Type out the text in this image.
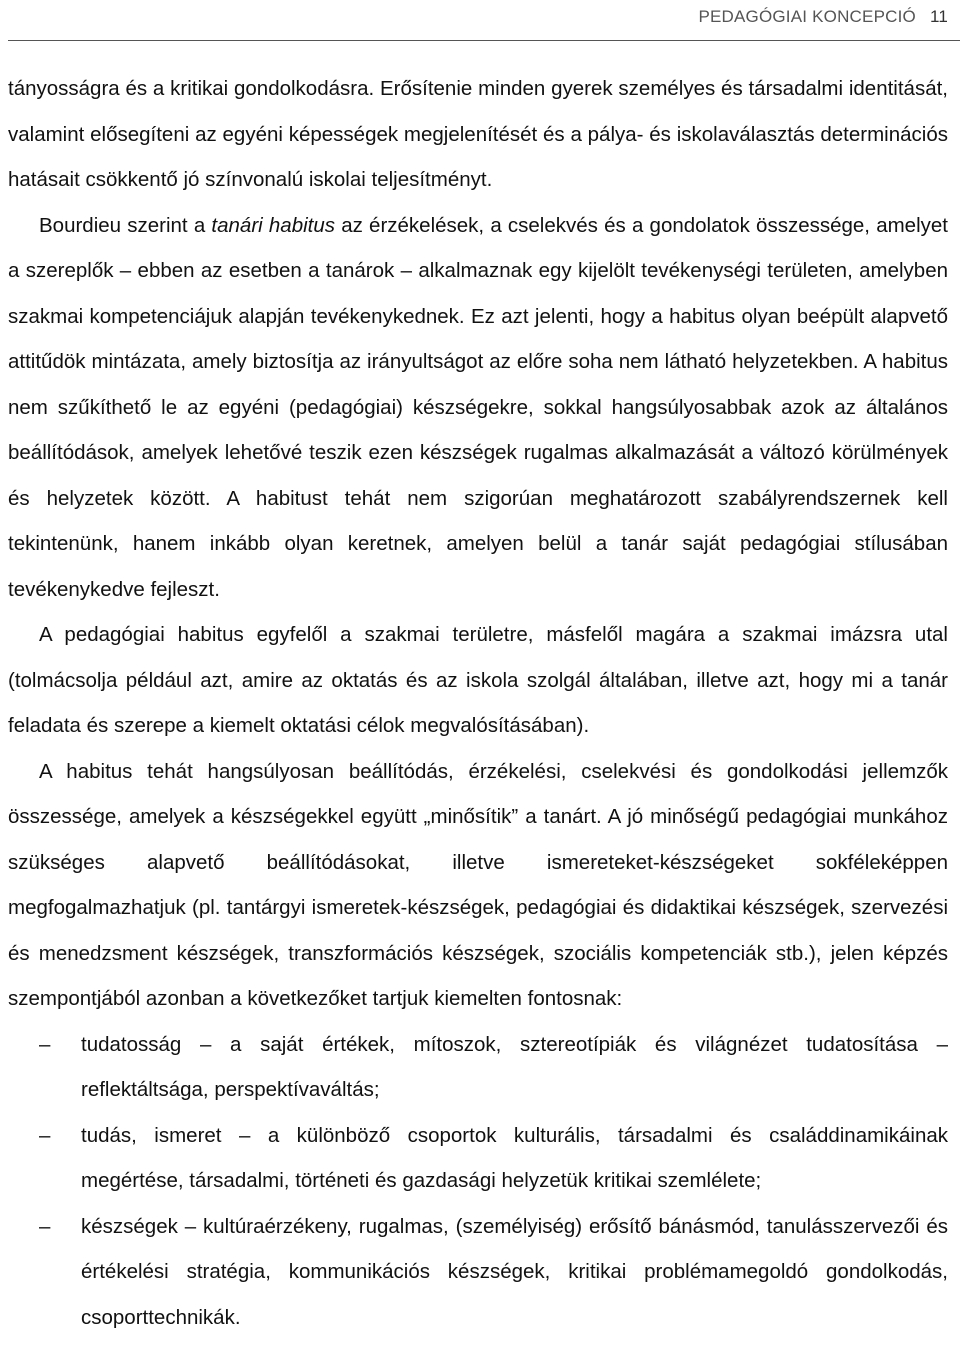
PEDAGÓGIAI KONCEPCIÓ 11

tányosságra és a kritikai gondolkodásra. Erősítenie minden gyerek személyes és társadalmi identitását, valamint elősegíteni az egyéni képességek megjelenítését és a pálya- és iskolaválasztás determinációs hatásait csökkentő jó színvonalú iskolai teljesítményt.

Bourdieu szerint a tanári habitus az érzékelések, a cselekvés és a gondolatok összessége, amelyet a szereplők – ebben az esetben a tanárok – alkalmaznak egy kijelölt tevékenységi területen, amelyben szakmai kompetenciájuk alapján tevékenykednek. Ez azt jelenti, hogy a habitus olyan beépült alapvető attitűdök mintázata, amely biztosítja az irányultságot az előre soha nem látható helyzetekben. A habitus nem szűkíthető le az egyéni (pedagógiai) készségekre, sokkal hangsúlyosabbak azok az általános beállítódások, amelyek lehetővé teszik ezen készségek rugalmas alkalmazását a változó körülmények és helyzetek között. A habitust tehát nem szigorúan meghatározott szabályrendszernek kell tekintenünk, hanem inkább olyan keretnek, amelyen belül a tanár saját pedagógiai stílusában tevékenykedve fejleszt.

A pedagógiai habitus egyfelől a szakmai területre, másfelől magára a szakmai imázsra utal (tolmácsolja például azt, amire az oktatás és az iskola szolgál általában, illetve azt, hogy mi a tanár feladata és szerepe a kiemelt oktatási célok megvalósításában).

A habitus tehát hangsúlyosan beállítódás, érzékelési, cselekvési és gondolkodási jellemzők összessége, amelyek a készségekkel együtt „minősítik” a tanárt. A jó minőségű pedagógiai munkához szükséges alapvető beállítódásokat, illetve ismereteket-készségeket sokféleképpen megfogalmazhatjuk (pl. tantárgyi ismeretek-készségek, pedagógiai és didaktikai készségek, szervezési és menedzsment készségek, transzformációs készségek, szociális kompetenciák stb.), jelen képzés szempontjából azonban a következőket tartjuk kiemelten fontosnak:

– tudatosság – a saját értékek, mítoszok, sztereotípiák és világnézet tudatosítása – reflektáltsága, perspektívaváltás;
– tudás, ismeret – a különböző csoportok kulturális, társadalmi és családdinamikáinak megértése, társadalmi, történeti és gazdasági helyzetük kritikai szemlélete;
– készségek – kultúraérzékeny, rugalmas, (személyiség) erősítő bánásmód, tanulásszervezői és értékelési stratégia, kommunikációs készségek, kritikai problémamegoldó gondolkodás, csoporttechnikák.
